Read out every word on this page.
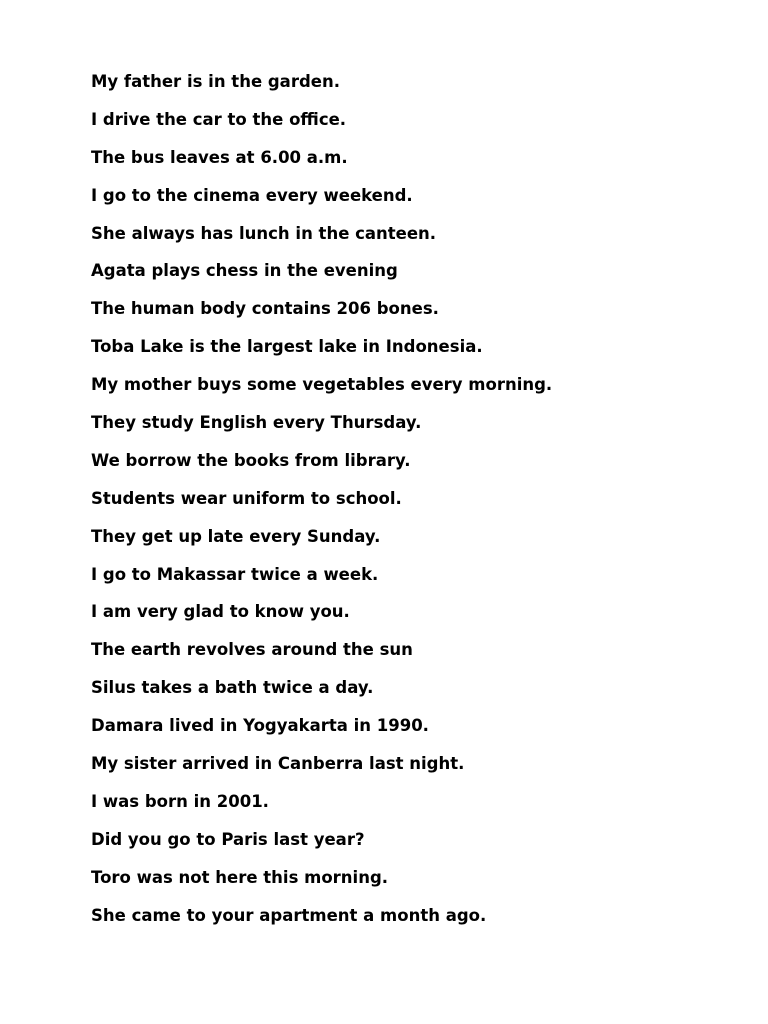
My father is in the garden.
I drive the car to the office.
The bus leaves at 6.00 a.m.
I go to the cinema every weekend.
She always has lunch in the canteen.
Agata plays chess in the evening
The human body contains 206 bones.
Toba Lake is the largest lake in Indonesia.
My mother buys some vegetables every morning.
They study English every Thursday.
We borrow the books from library.
Students wear uniform to school.
They get up late every Sunday.
I go to Makassar twice a week.
I am very glad to know you.
The earth revolves around the sun
Silus takes a bath twice a day.
Damara lived in Yogyakarta in 1990.
My sister arrived in Canberra last night.
I was born in 2001.
Did you go to Paris last year?
Toro was not here this morning.
She came to your apartment a month ago.
